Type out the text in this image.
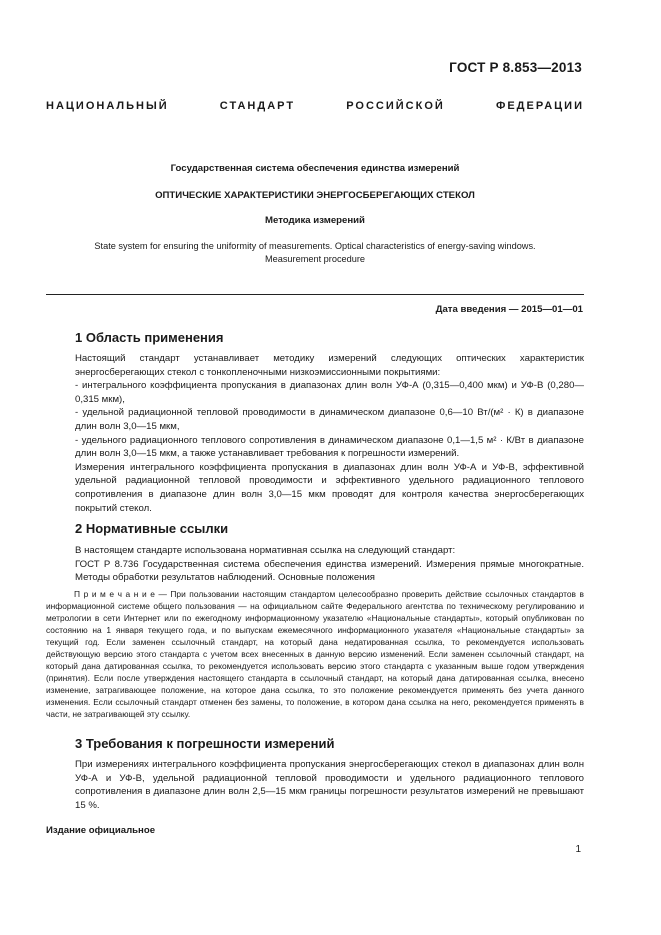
ГОСТ Р 8.853—2013
НАЦИОНАЛЬНЫЙ	СТАНДАРТ	РОССИЙСКОЙ	ФЕДЕРАЦИИ
Государственная система обеспечения единства измерений
ОПТИЧЕСКИЕ ХАРАКТЕРИСТИКИ ЭНЕРГОСБЕРЕГАЮЩИХ СТЕКОЛ
Методика измерений
State system for ensuring the uniformity of measurements. Optical characteristics of energy-saving windows.
Measurement procedure
Дата введения — 2015—01—01
1 Область применения

Настоящий стандарт устанавливает методику измерений следующих оптических характеристик энергосберегающих стекол с тонкопленочными низкоэмиссионными покрытиями:

- интегрального коэффициента пропускания в диапазонах длин волн УФ-А (0,315—0,400 мкм) и УФ-В (0,280—0,315 мкм),

- удельной радиационной тепловой проводимости в динамическом диапазоне 0,6—10 Вт/(м² · К) в диапазоне длин волн 3,0—15 мкм,

- удельного радиационного теплового сопротивления в динамическом диапазоне 0,1—1,5 м² · К/Вт в диапазоне длин волн 3,0—15 мкм, а также устанавливает требования к погрешности измерений.

Измерения интегрального коэффициента пропускания в диапазонах длин волн УФ-А и УФ-В, эффективной удельной радиационной тепловой проводимости и эффективного удельного радиационного теплового сопротивления в диапазоне длин волн 3,0—15 мкм проводят для контроля качества энергосберегающих покрытий стекол.

2 Нормативные ссылки

В настоящем стандарте использована нормативная ссылка на следующий стандарт:

ГОСТ Р 8.736 Государственная система обеспечения единства измерений. Измерения прямые многократные. Методы обработки результатов наблюдений. Основные положения

П р и м е ч а н и е — При пользовании настоящим стандартом целесообразно проверить действие ссылочных стандартов в информационной системе общего пользования — на официальном сайте Федерального агентства по техническому регулированию и метрологии в сети Интернет или по ежегодному информационному указателю «Национальные стандарты», который опубликован по состоянию на 1 января текущего года, и по выпускам ежемесячного информационного указателя «Национальные стандарты» за текущий год. Если заменен ссылочный стандарт, на который дана недатированная ссылка, то рекомендуется использовать действующую версию этого стандарта с учетом всех внесенных в данную версию изменений. Если заменен ссылочный стандарт, на который дана датированная ссылка, то рекомендуется использовать версию этого стандарта с указанным выше годом утверждения (принятия). Если после утверждения настоящего стандарта в ссылочный стандарт, на который дана датированная ссылка, внесено изменение, затрагивающее положение, на которое дана ссылка, то это положение рекомендуется применять без учета данного изменения. Если ссылочный стандарт отменен без замены, то положение, в котором дана ссылка на него, рекомендуется применять в части, не затрагивающей эту ссылку.

3 Требования к погрешности измерений

При измерениях интегрального коэффициента пропускания энергосберегающих стекол в диапазонах длин волн УФ-А и УФ-В, удельной радиационной тепловой проводимости и удельного радиационного теплового сопротивления в диапазоне длин волн 2,5—15 мкм границы погрешности результатов измерений не превышают 15 %.

Издание официальное
1
